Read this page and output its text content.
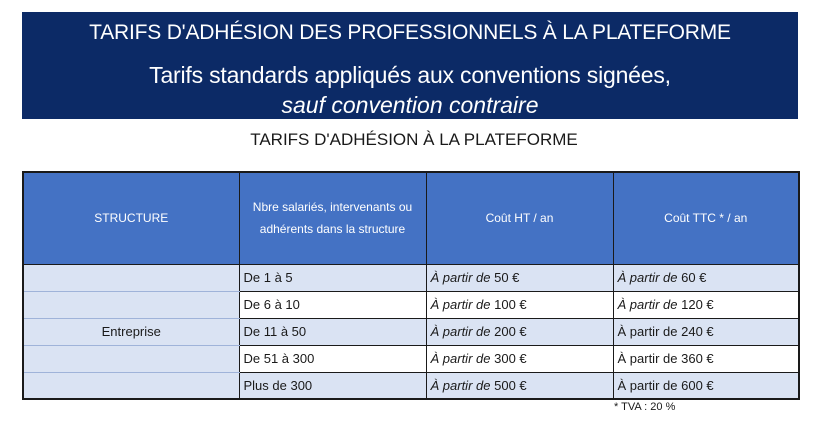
TARIFS D'ADHÉSION DES PROFESSIONNELS À LA PLATEFORME
Tarifs standards appliqués aux conventions signées,
sauf convention contraire
TARIFS D'ADHÉSION À LA PLATEFORME
STRUCTURE	Nbre salariés, intervenants ou adhérents dans la structure	Coût HT / an	Coût TTC * / an
	De 1 à 5	À partir de 50 €	À partir de 60 €
	De 6 à 10	À partir de 100 €	À partir de 120 €
Entreprise	De 11 à 50	À partir de 200 €	À partir de 240 €
	De 51 à 300	À partir de 300 €	À partir de 360 €
	Plus de 300	À partir de 500 €	À partir de 600 €
* TVA : 20 %
